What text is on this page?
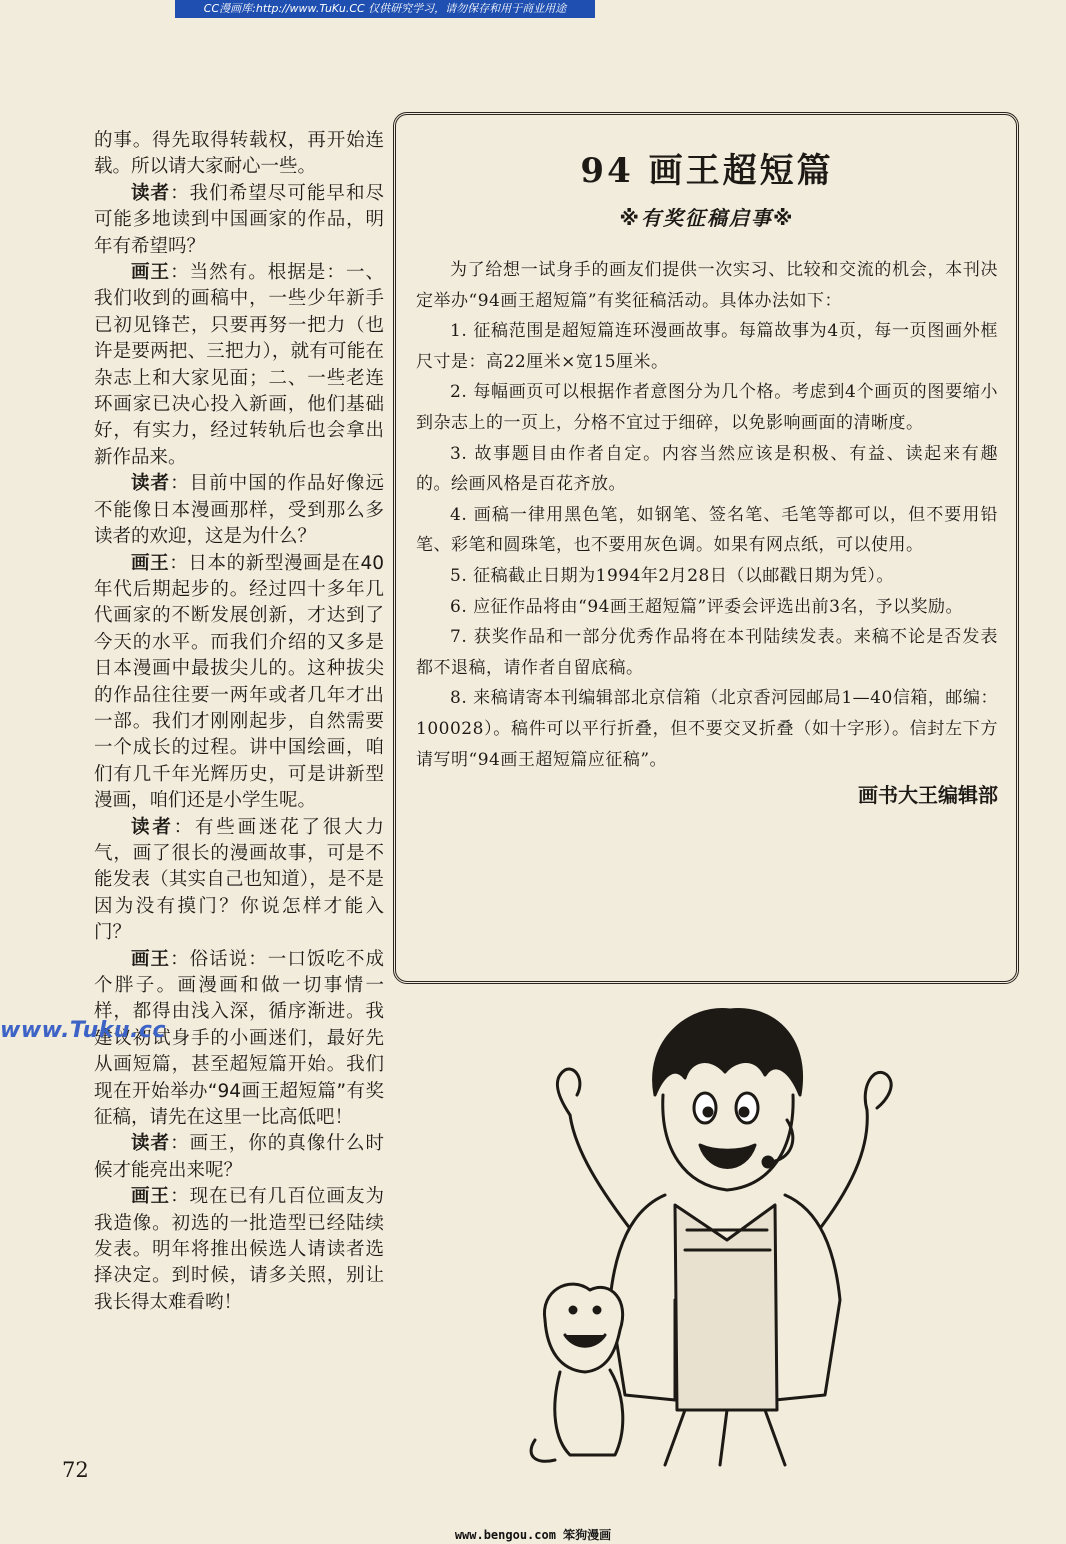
CC漫画库:http://www.TuKu.CC 仅供研究学习，请勿保存和用于商业用途

的事。得先取得转载权，再开始连载。所以请大家耐心一些。

读者：我们希望尽可能早和尽可能多地读到中国画家的作品，明年有希望吗？

画王：当然有。根据是：一、我们收到的画稿中，一些少年新手已初见锋芒，只要再努一把力（也许是要两把、三把力），就有可能在杂志上和大家见面；二、一些老连环画家已决心投入新画，他们基础好，有实力，经过转轨后也会拿出新作品来。

读者：目前中国的作品好像远不能像日本漫画那样，受到那么多读者的欢迎，这是为什么？

画王：日本的新型漫画是在40年代后期起步的。经过四十多年几代画家的不断发展创新，才达到了今天的水平。而我们介绍的又多是日本漫画中最拔尖儿的。这种拔尖的作品往往要一两年或者几年才出一部。我们才刚刚起步，自然需要一个成长的过程。讲中国绘画，咱们有几千年光辉历史，可是讲新型漫画，咱们还是小学生呢。

读者：有些画迷花了很大力气，画了很长的漫画故事，可是不能发表（其实自己也知道），是不是因为没有摸门？你说怎样才能入门？

画王：俗话说：一口饭吃不成个胖子。画漫画和做一切事情一样，都得由浅入深，循序渐进。我建议初试身手的小画迷们，最好先从画短篇，甚至超短篇开始。我们现在开始举办“94画王超短篇”有奖征稿，请先在这里一比高低吧！

读者：画王，你的真像什么时候才能亮出来呢？

画王：现在已有几百位画友为我造像。初选的一批造型已经陆续发表。明年将推出候选人请读者选择决定。到时候，请多关照，别让我长得太难看哟！

94 画王超短篇
※有奖征稿启事※

为了给想一试身手的画友们提供一次实习、比较和交流的机会，本刊决定举办“94画王超短篇”有奖征稿活动。具体办法如下：

1. 征稿范围是超短篇连环漫画故事。每篇故事为4页，每一页图画外框尺寸是：高22厘米×宽15厘米。

2. 每幅画页可以根据作者意图分为几个格。考虑到4个画页的图要缩小到杂志上的一页上，分格不宜过于细碎，以免影响画面的清晰度。

3. 故事题目由作者自定。内容当然应该是积极、有益、读起来有趣的。绘画风格是百花齐放。

4. 画稿一律用黑色笔，如钢笔、签名笔、毛笔等都可以，但不要用铅笔、彩笔和圆珠笔，也不要用灰色调。如果有网点纸，可以使用。

5. 征稿截止日期为1994年2月28日（以邮戳日期为凭）。

6. 应征作品将由“94画王超短篇”评委会评选出前3名，予以奖励。

7. 获奖作品和一部分优秀作品将在本刊陆续发表。来稿不论是否发表都不退稿，请作者自留底稿。

8. 来稿请寄本刊编辑部北京信箱（北京香河园邮局1—40信箱，邮编：100028）。稿件可以平行折叠，但不要交叉折叠（如十字形）。信封左下方请写明“94画王超短篇应征稿”。

画书大王编辑部
www.Tuku.cc
72
www.bengou.com 笨狗漫画
